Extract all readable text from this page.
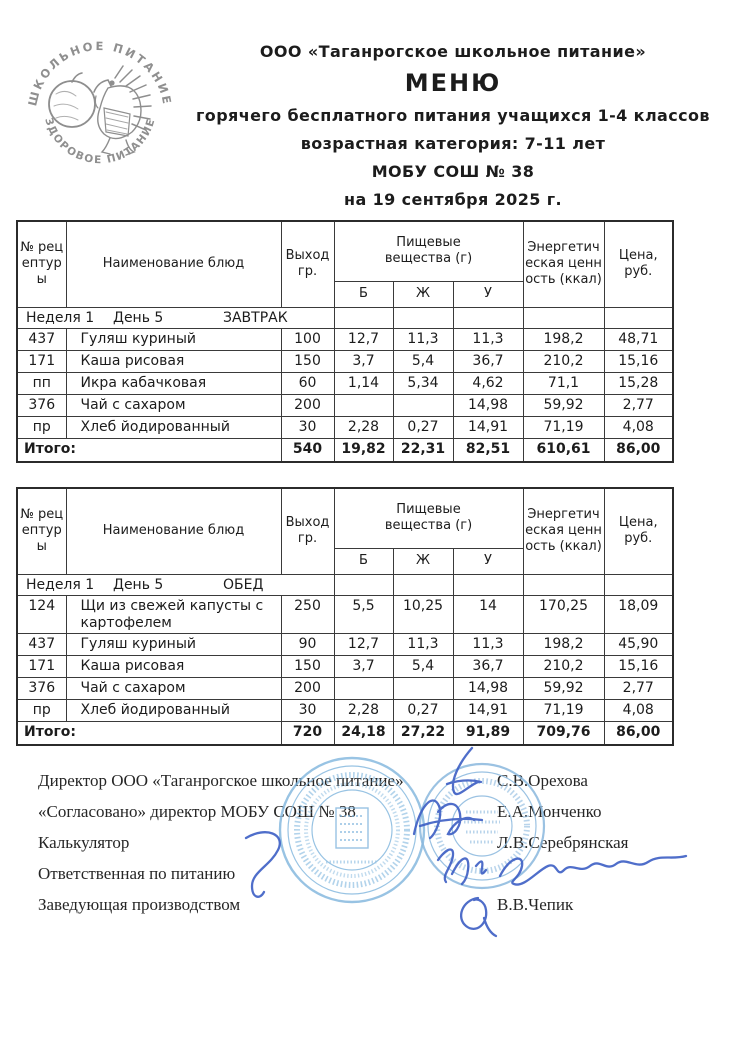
ШКОЛЬНОЕ ПИТАНИЕ
ЗДОРОВОЕ ПИТАНИЕ
ООО «Таганрогское школьное питание»
МЕНЮ
горячего бесплатного питания учащихся 1-4 классов
возрастная категория: 7-11 лет
МОБУ СОШ № 38
на 19 сентября 2025 г.
№ рецептуры	Наименование блюд	Выход гр.	Пищевые вещества (г)			Энергетическая ценность (ккал)	Цена, руб.
			Б	Ж	У		
Неделя 1 День 5 ЗАВТРАК							
437	Гуляш куриный	100	12,7	11,3	11,3	198,2	48,71
171	Каша рисовая	150	3,7	5,4	36,7	210,2	15,16
пп	Икра кабачковая	60	1,14	5,34	4,62	71,1	15,28
376	Чай с сахаром	200			14,98	59,92	2,77
пр	Хлеб йодированный	30	2,28	0,27	14,91	71,19	4,08
Итого:		540	19,82	22,31	82,51	610,61	86,00
№ рецептуры	Наименование блюд	Выход гр.	Пищевые вещества (г)			Энергетическая ценность (ккал)	Цена, руб.
			Б	Ж	У		
Неделя 1 День 5 ОБЕД							
124	Щи из свежей капусты с картофелем	250	5,5	10,25	14	170,25	18,09
437	Гуляш куриный	90	12,7	11,3	11,3	198,2	45,90
171	Каша рисовая	150	3,7	5,4	36,7	210,2	15,16
376	Чай с сахаром	200			14,98	59,92	2,77
пр	Хлеб йодированный	30	2,28	0,27	14,91	71,19	4,08
Итого:		720	24,18	27,22	91,89	709,76	86,00
Директор ООО «Таганрогское школьное питание»	С.В.Орехова
«Согласовано» директор МОБУ СОШ № 38	Е.А.Монченко
Калькулятор	Л.В.Серебрянская
Ответственная по питанию
Заведующая производством	В.В.Чепик
